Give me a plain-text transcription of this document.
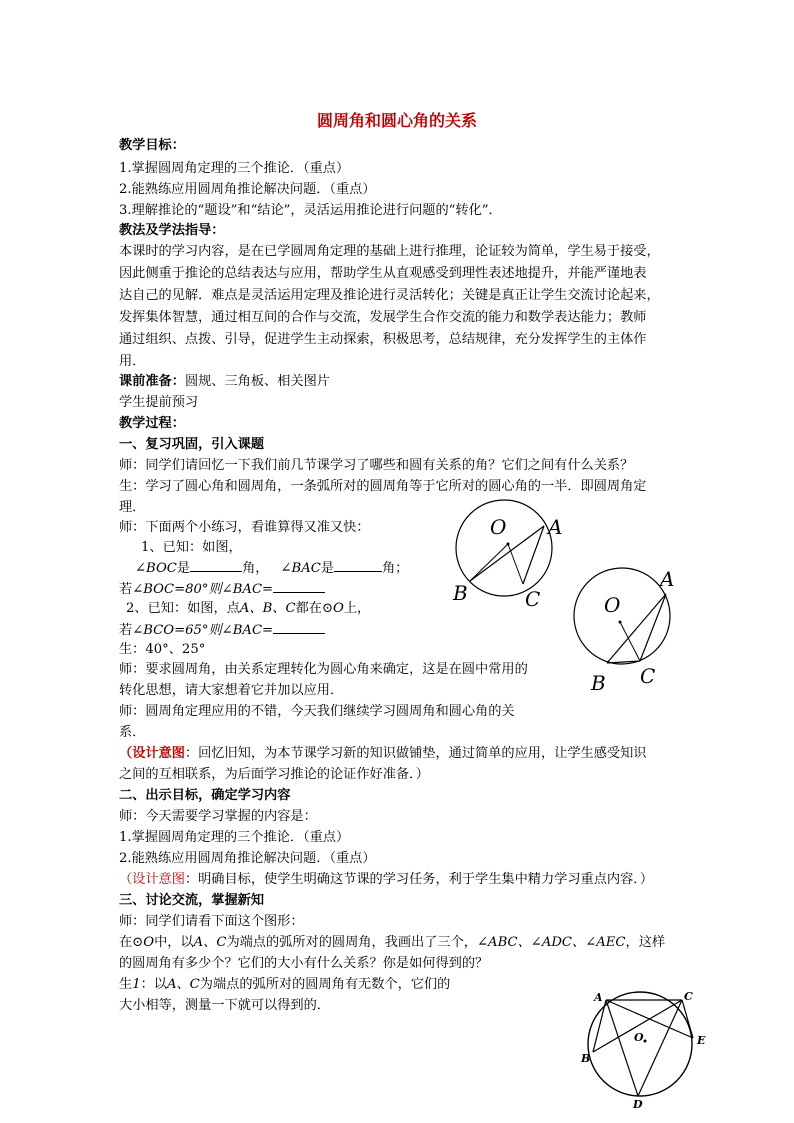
圆周角和圆心角的关系
教学目标：
1.掌握圆周角定理的三个推论．（重点）
2.能熟练应用圆周角推论解决问题．（重点）
3.理解推论的“题设”和“结论”，灵活运用推论进行问题的“转化”．
教法及学法指导：
本课时的学习内容，是在已学圆周角定理的基础上进行推理，论证较为简单，学生易于接受，
因此侧重于推论的总结表达与应用，帮助学生从直观感受到理性表述地提升，并能严谨地表
达自己的见解．难点是灵活运用定理及推论进行灵活转化；关键是真正让学生交流讨论起来，
发挥集体智慧，通过相互间的合作与交流，发展学生合作交流的能力和数学表达能力；教师
通过组织、点拨、引导，促进学生主动探索，积极思考，总结规律，充分发挥学生的主体作
用．
课前准备：圆规、三角板、相关图片
学生提前预习
教学过程：
一、复习巩固，引入课题
师：同学们请回忆一下我们前几节课学习了哪些和圆有关系的角？它们之间有什么关系？
生：学习了圆心角和圆周角，一条弧所对的圆周角等于它所对的圆心角的一半．即圆周角定
理．
师：下面两个小练习，看谁算得又准又快：
1、已知：如图，
∠BOC是	角， ∠BAC是	角；
若∠BOC=80°则∠BAC=
2、已知：如图，点A、B、C都在⊙O上，
若∠BCO=65°则∠BAC=
生：40°、25°
师：要求圆周角，由关系定理转化为圆心角来确定，这是在圆中常用的
转化思想，请大家想着它并加以应用．
师：圆周角定理应用的不错，今天我们继续学习圆周角和圆心角的关
系．
（设计意图：回忆旧知，为本节课学习新的知识做铺垫，通过简单的应用，让学生感受知识
之间的互相联系，为后面学习推论的论证作好准备．）
二、出示目标，确定学习内容
师：今天需要学习掌握的内容是：
1.掌握圆周角定理的三个推论．（重点）
2.能熟练应用圆周角推论解决问题．（重点）
（设计意图：明确目标，使学生明确这节课的学习任务，利于学生集中精力学习重点内容．）
三、讨论交流，掌握新知
师：同学们请看下面这个图形：
在⊙O中，以A、C为端点的弧所对的圆周角，我画出了三个，∠ABC、∠ADC、∠AEC，这样
的圆周角有多少个？它们的大小有什么关系？你是如何得到的？
生1：以A、C为端点的弧所对的圆周角有无数个，它们的
大小相等，测量一下就可以得到的．
O A
B	C	O
A
B C
O
A	C
B
E
D
